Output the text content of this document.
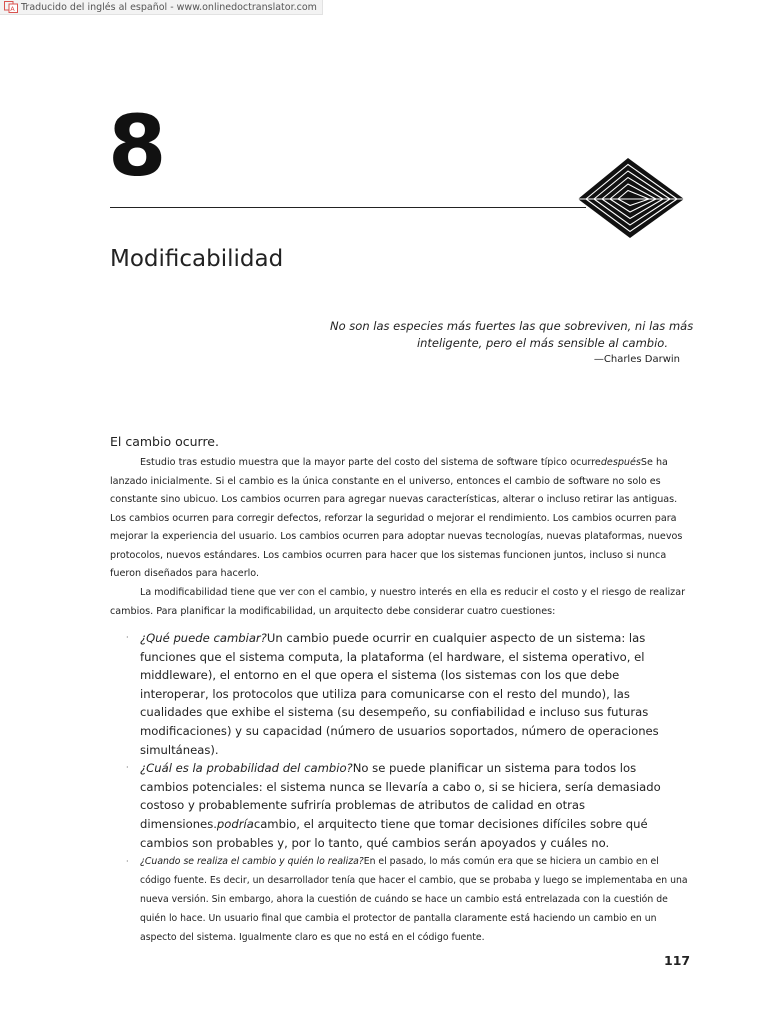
A Traducido del inglés al español - www.onlinedoctranslator.com
8
Modificabilidad
No son las especies más fuertes las que sobreviven, ni las más
inteligente, pero el más sensible al cambio.
—Charles Darwin
El cambio ocurre.

Estudio tras estudio muestra que la mayor parte del costo del sistema de software típico ocurredespuésSe ha lanzado inicialmente. Si el cambio es la única constante en el universo, entonces el cambio de software no solo es constante sino ubicuo. Los cambios ocurren para agregar nuevas características, alterar o incluso retirar las antiguas. Los cambios ocurren para corregir defectos, reforzar la seguridad o mejorar el rendimiento. Los cambios ocurren para mejorar la experiencia del usuario. Los cambios ocurren para adoptar nuevas tecnologías, nuevas plataformas, nuevos protocolos, nuevos estándares. Los cambios ocurren para hacer que los sistemas funcionen juntos, incluso si nunca fueron diseñados para hacerlo.

La modificabilidad tiene que ver con el cambio, y nuestro interés en ella es reducir el costo y el riesgo de realizar cambios. Para planificar la modificabilidad, un arquitecto debe considerar cuatro cuestiones:

· ¿Qué puede cambiar?Un cambio puede ocurrir en cualquier aspecto de un sistema: las funciones que el sistema computa, la plataforma (el hardware, el sistema operativo, el middleware), el entorno en el que opera el sistema (los sistemas con los que debe interoperar, los protocolos que utiliza para comunicarse con el resto del mundo), las cualidades que exhibe el sistema (su desempeño, su confiabilidad e incluso sus futuras modificaciones) y su capacidad (número de usuarios soportados, número de operaciones simultáneas).
· ¿Cuál es la probabilidad del cambio?No se puede planificar un sistema para todos los cambios potenciales: el sistema nunca se llevaría a cabo o, si se hiciera, sería demasiado costoso y probablemente sufriría problemas de atributos de calidad en otras dimensiones.podríacambio, el arquitecto tiene que tomar decisiones difíciles sobre qué cambios son probables y, por lo tanto, qué cambios serán apoyados y cuáles no.
· ¿Cuando se realiza el cambio y quién lo realiza?En el pasado, lo más común era que se hiciera un cambio en el código fuente. Es decir, un desarrollador tenía que hacer el cambio, que se probaba y luego se implementaba en una nueva versión. Sin embargo, ahora la cuestión de cuándo se hace un cambio está entrelazada con la cuestión de quién lo hace. Un usuario final que cambia el protector de pantalla claramente está haciendo un cambio en un aspecto del sistema. Igualmente claro es que no está en el código fuente.

117
